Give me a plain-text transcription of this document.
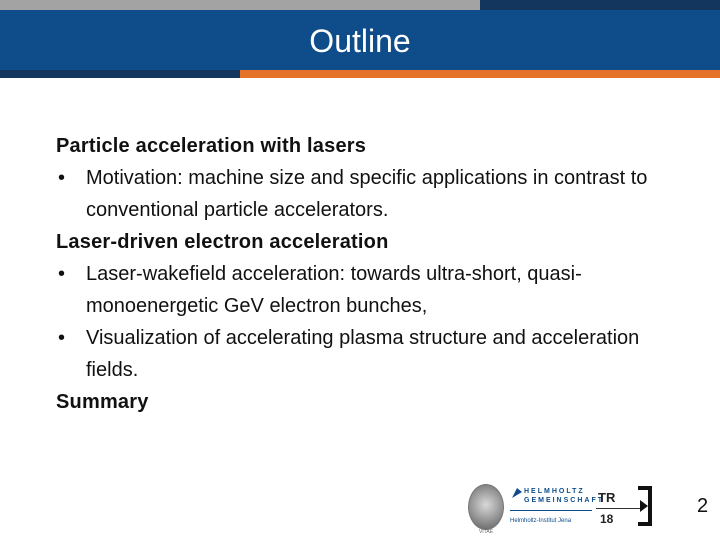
Outline
Particle acceleration with lasers
• Motivation: machine size and specific applications in contrast to conventional particle accelerators.
Laser-driven electron acceleration
• Laser-wakefield acceleration: towards ultra-short, quasi-monoenergetic GeV electron bunches,
• Visualization of accelerating plasma structure and acceleration fields.
Summary
VITAE
HELMHOLTZ
GEMEINSCHAFT
Helmholtz-Institut Jena
TR
18
2
